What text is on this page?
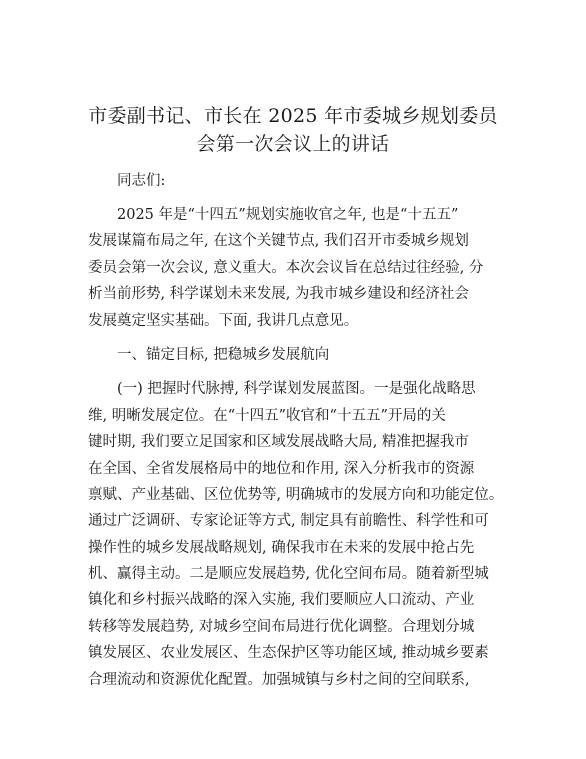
市委副书记、市长在 2025 年市委城乡规划委员
会第一次会议上的讲话
同志们:
2025 年是“十四五”规划实施收官之年, 也是“十五五”
发展谋篇布局之年, 在这个关键节点, 我们召开市委城乡规划
委员会第一次会议, 意义重大。本次会议旨在总结过往经验, 分
析当前形势, 科学谋划未来发展, 为我市城乡建设和经济社会
发展奠定坚实基础。下面, 我讲几点意见。
一、锚定目标, 把稳城乡发展航向
(一) 把握时代脉搏, 科学谋划发展蓝图。一是强化战略思
维, 明晰发展定位。在“十四五”收官和“十五五”开局的关
键时期, 我们要立足国家和区域发展战略大局, 精准把握我市
在全国、全省发展格局中的地位和作用, 深入分析我市的资源
禀赋、产业基础、区位优势等, 明确城市的发展方向和功能定位。
通过广泛调研、专家论证等方式, 制定具有前瞻性、科学性和可
操作性的城乡发展战略规划, 确保我市在未来的发展中抢占先
机、赢得主动。二是顺应发展趋势, 优化空间布局。随着新型城
镇化和乡村振兴战略的深入实施, 我们要顺应人口流动、产业
转移等发展趋势, 对城乡空间布局进行优化调整。合理划分城
镇发展区、农业发展区、生态保护区等功能区域, 推动城乡要素
合理流动和资源优化配置。加强城镇与乡村之间的空间联系,
